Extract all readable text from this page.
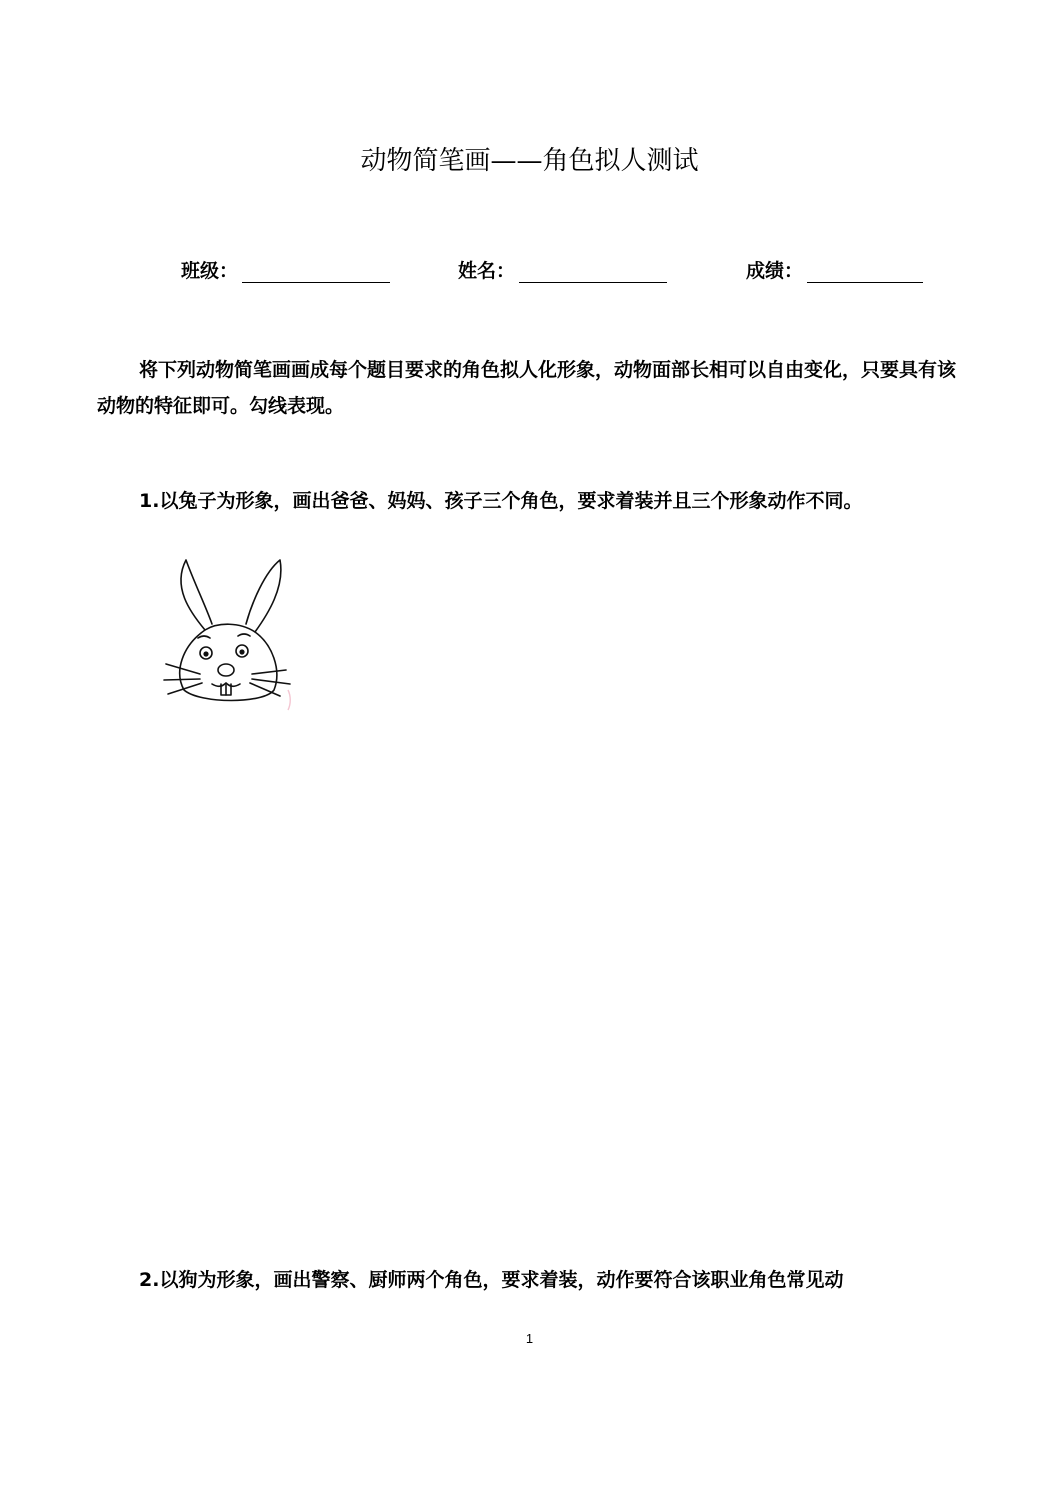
动物简笔画——角色拟人测试
班级：	姓名：	成绩：
将下列动物简笔画画成每个题目要求的角色拟人化形象，动物面部长相可以自由变化，只要具有该动物的特征即可。勾线表现。
1.以兔子为形象，画出爸爸、妈妈、孩子三个角色，要求着装并且三个形象动作不同。
2.以狗为形象，画出警察、厨师两个角色，要求着装，动作要符合该职业角色常见动
1
